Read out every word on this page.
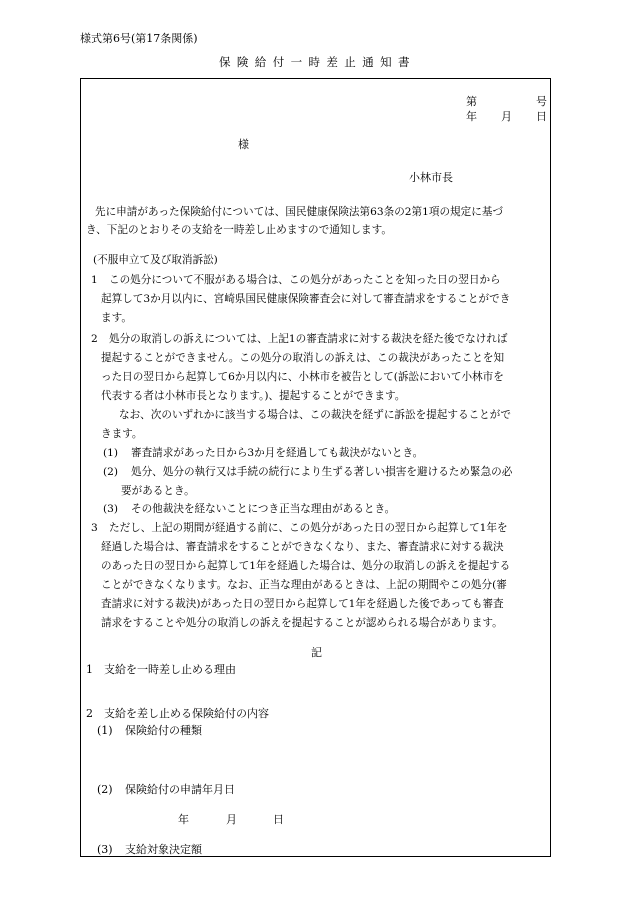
様式第6号(第17条関係)
保険給付一時差止通知書
第	号
年 月 日
様
小林市長
先に申請があった保険給付については、国民健康保険法第63条の2第1項の規定に基づ
き、下記のとおりその支給を一時差し止めますので通知します。
(不服申立て及び取消訴訟)
1 この処分について不服がある場合は、この処分があったことを知った日の翌日から
起算して3か月以内に、宮崎県国民健康保険審査会に対して審査請求をすることができ
ます。
2 処分の取消しの訴えについては、上記1の審査請求に対する裁決を経た後でなければ
提起することができません。この処分の取消しの訴えは、この裁決があったことを知
った日の翌日から起算して6か月以内に、小林市を被告として(訴訟において小林市を
代表する者は小林市長となります。)、提起することができます。
なお、次のいずれかに該当する場合は、この裁決を経ずに訴訟を提起することがで
きます。
(1) 審査請求があった日から3か月を経過しても裁決がないとき。
(2) 処分、処分の執行又は手続の続行により生ずる著しい損害を避けるため緊急の必
要があるとき。
(3) その他裁決を経ないことにつき正当な理由があるとき。
3 ただし、上記の期間が経過する前に、この処分があった日の翌日から起算して1年を
経過した場合は、審査請求をすることができなくなり、また、審査請求に対する裁決
のあった日の翌日から起算して1年を経過した場合は、処分の取消しの訴えを提起する
ことができなくなります。なお、正当な理由があるときは、上記の期間やこの処分(審
査請求に対する裁決)があった日の翌日から起算して1年を経過した後であっても審査
請求をすることや処分の取消しの訴えを提起することが認められる場合があります。
記
1 支給を一時差し止める理由
2 支給を差し止める保険給付の内容
(1) 保険給付の種類
(2) 保険給付の申請年月日
年	月	日
(3) 支給対象決定額
